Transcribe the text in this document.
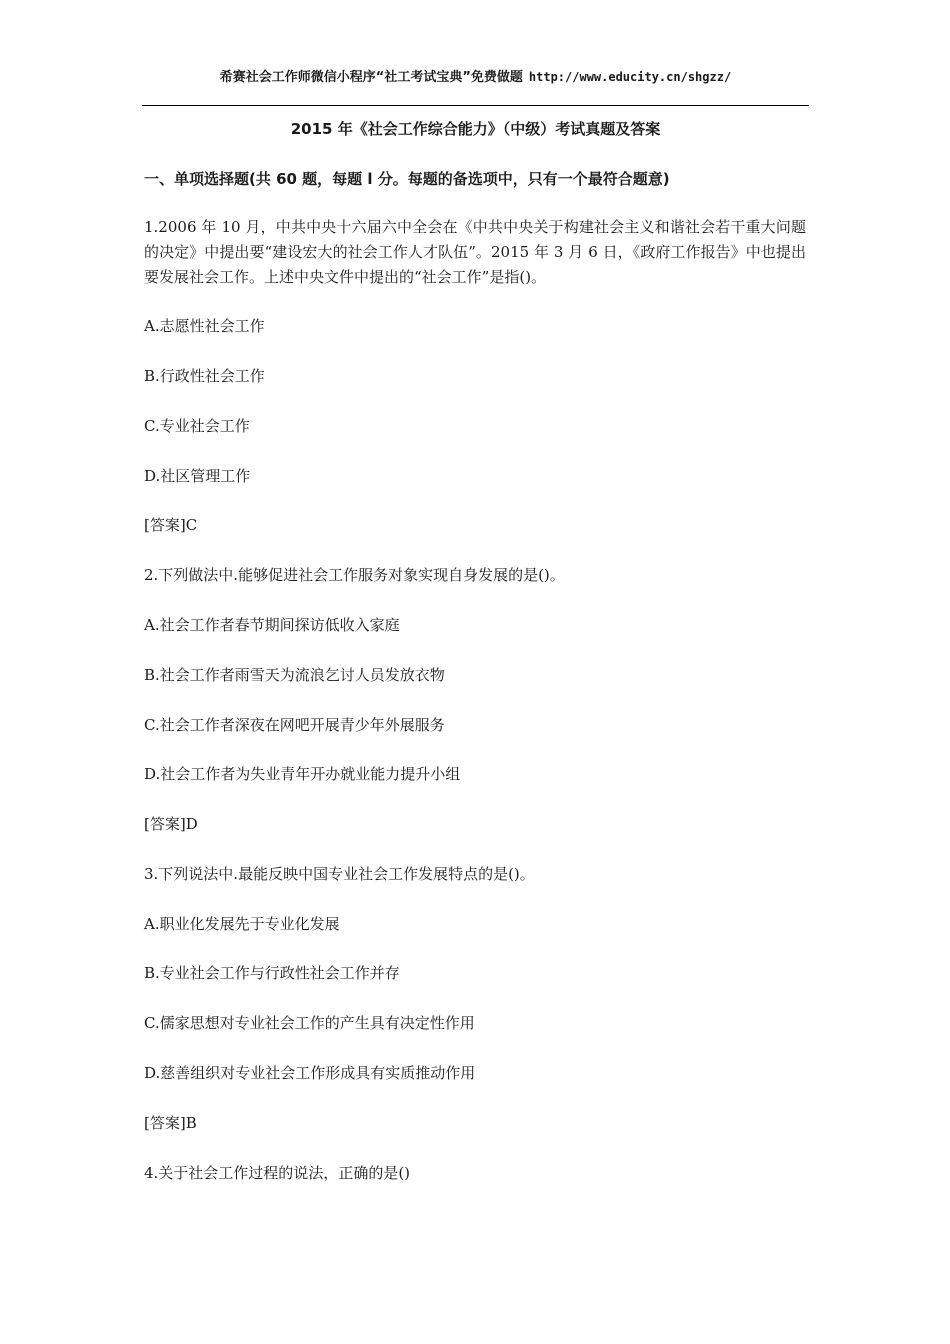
希赛社会工作师微信小程序“社工考试宝典”免费做题 http://www.educity.cn/shgzz/
2015 年《社会工作综合能力》（中级）考试真题及答案
一、单项选择题(共 60 题，每题 l 分。每题的备选项中，只有一个最符合题意)
1.2006 年 10 月，中共中央十六届六中全会在《中共中央关于构建社会主义和谐社会若干重大问题的决定》中提出要“建设宏大的社会工作人才队伍”。2015 年 3 月 6 日，《政府工作报告》中也提出要发展社会工作。上述中央文件中提出的“社会工作”是指()。
A.志愿性社会工作
B.行政性社会工作
C.专业社会工作
D.社区管理工作
[答案]C
2.下列做法中.能够促进社会工作服务对象实现自身发展的是()。
A.社会工作者春节期间探访低收入家庭
B.社会工作者雨雪天为流浪乞讨人员发放衣物
C.社会工作者深夜在网吧开展青少年外展服务
D.社会工作者为失业青年开办就业能力提升小组
[答案]D
3.下列说法中.最能反映中国专业社会工作发展特点的是()。
A.职业化发展先于专业化发展
B.专业社会工作与行政性社会工作并存
C.儒家思想对专业社会工作的产生具有决定性作用
D.慈善组织对专业社会工作形成具有实质推动作用
[答案]B
4.关于社会工作过程的说法，正确的是()
